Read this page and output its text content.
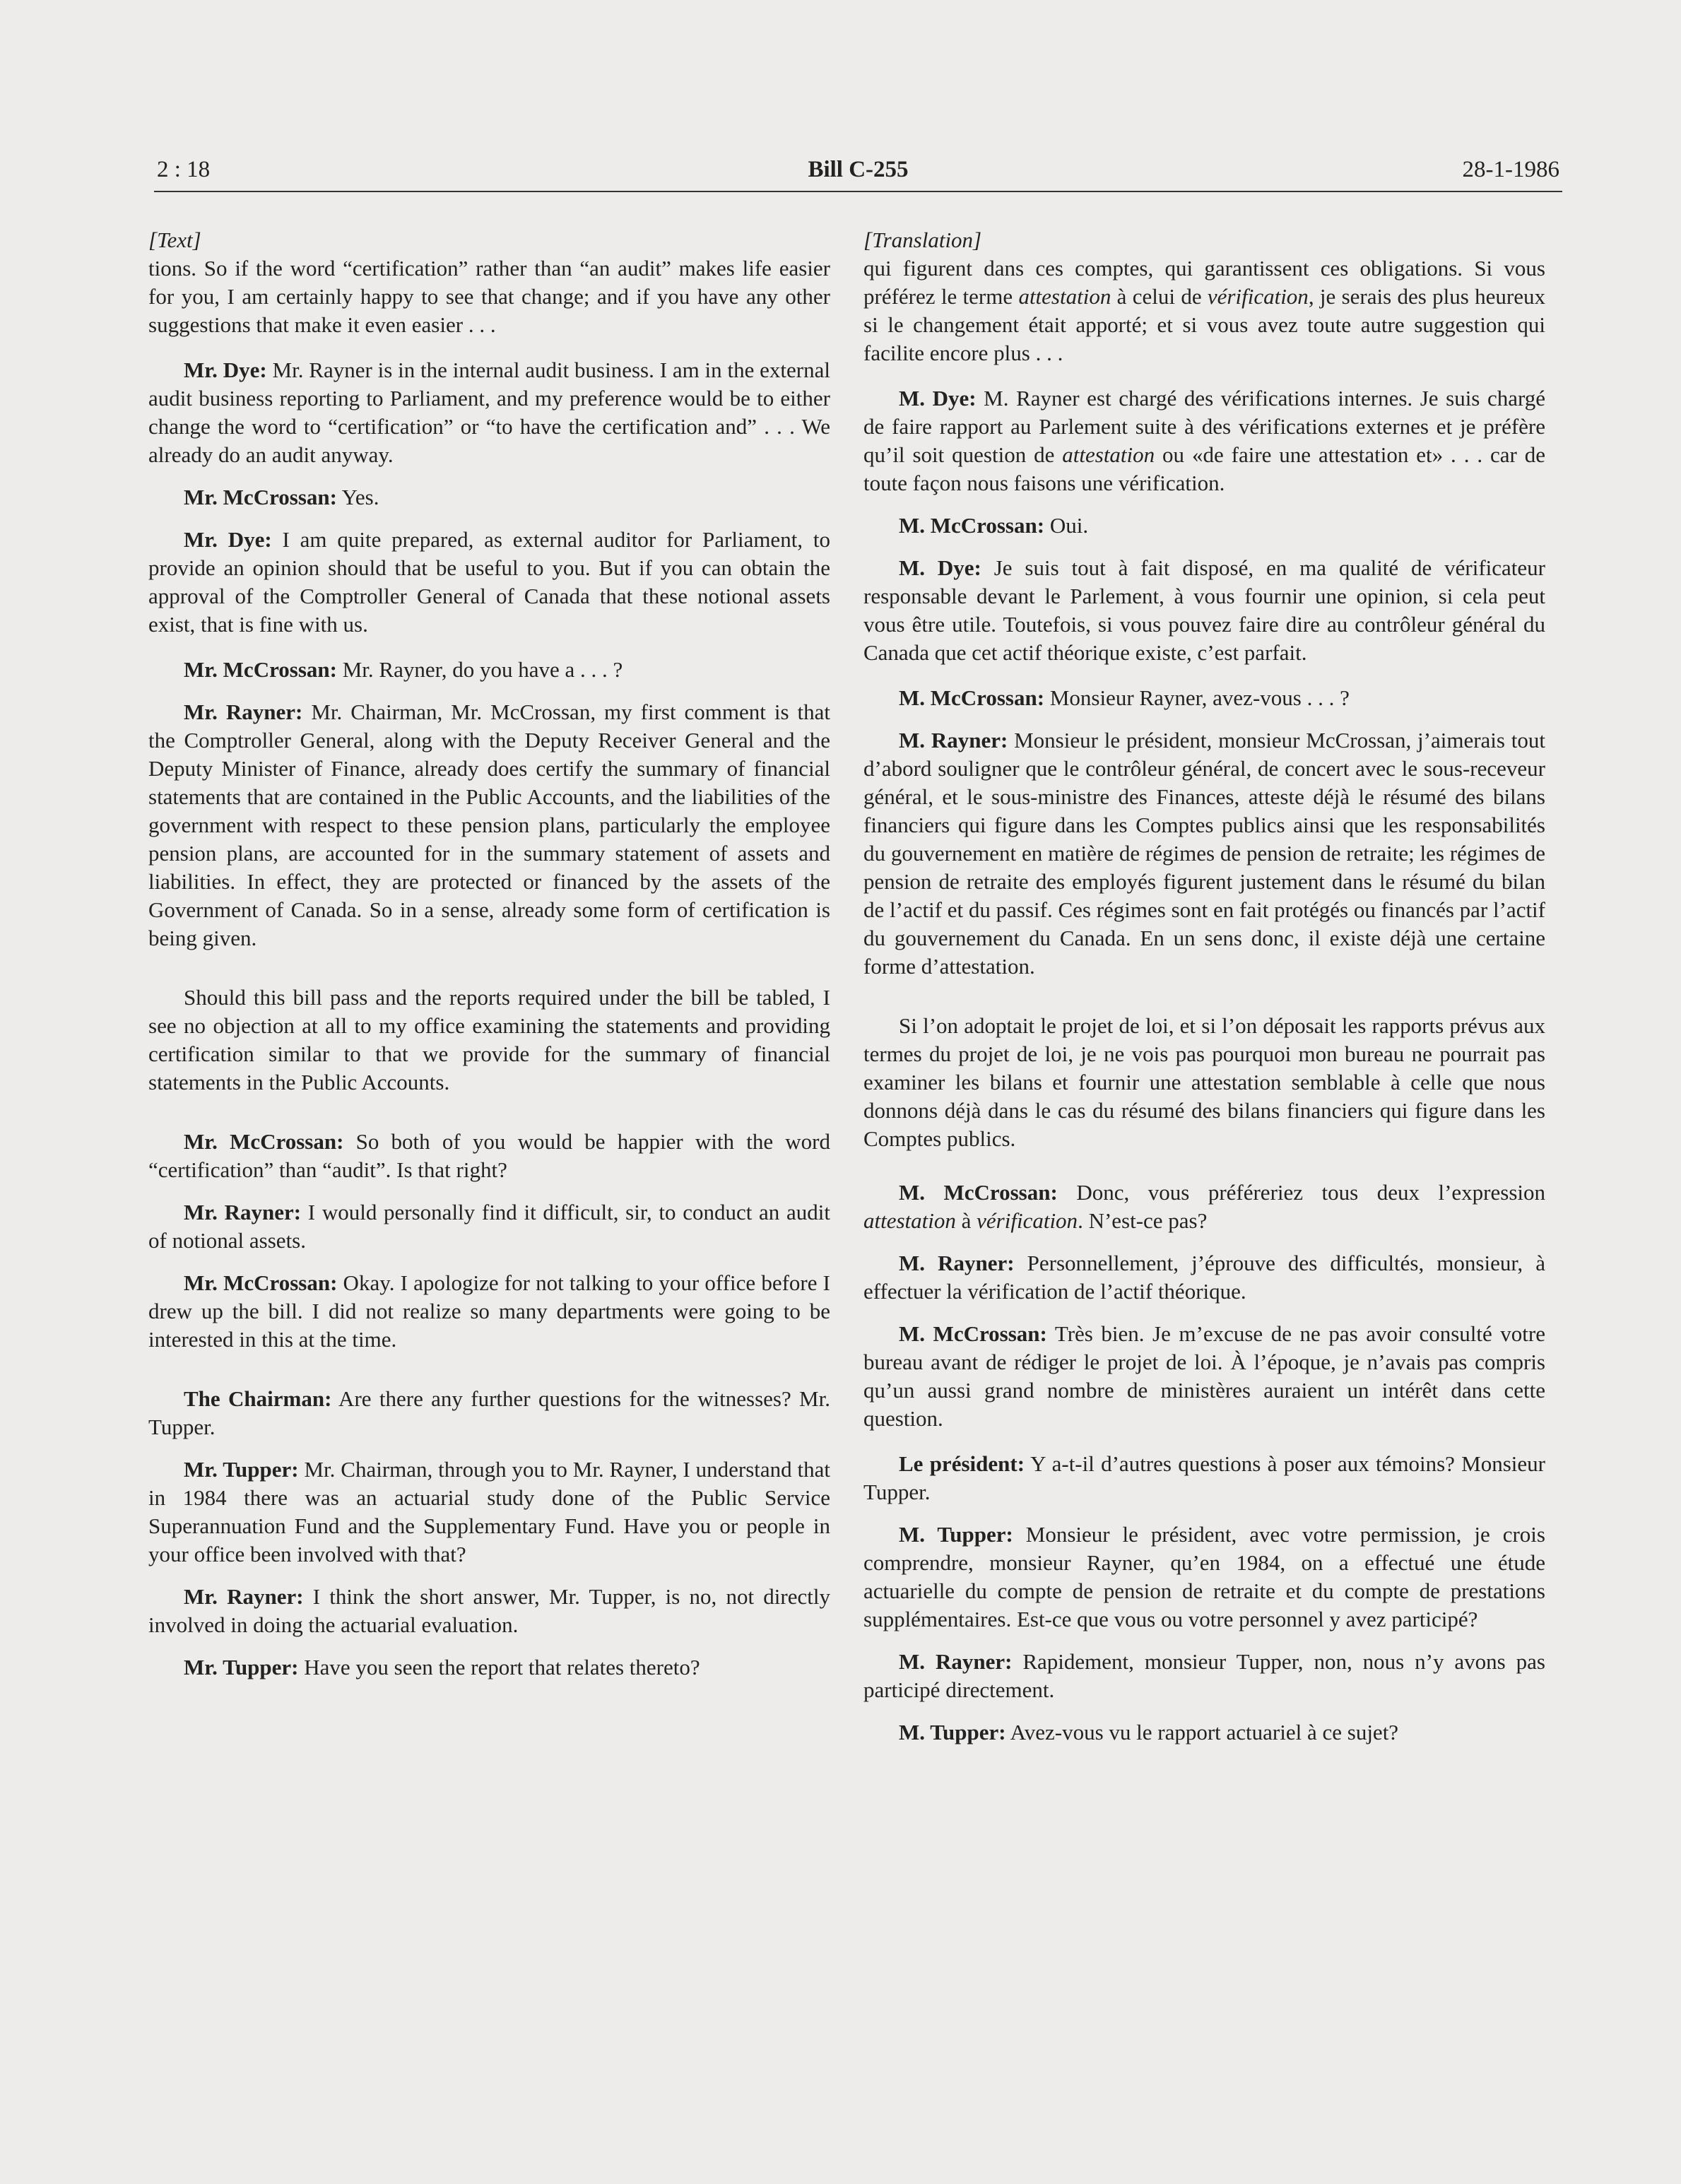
2 : 18	Bill C-255	28-1-1986
[Text]

tions. So if the word “certification” rather than “an audit” makes life easier for you, I am certainly happy to see that change; and if you have any other suggestions that make it even easier . . .

Mr. Dye: Mr. Rayner is in the internal audit business. I am in the external audit business reporting to Parliament, and my preference would be to either change the word to “certification” or “to have the certification and” . . . We already do an audit anyway.

Mr. McCrossan: Yes.

Mr. Dye: I am quite prepared, as external auditor for Parliament, to provide an opinion should that be useful to you. But if you can obtain the approval of the Comptroller General of Canada that these notional assets exist, that is fine with us.

Mr. McCrossan: Mr. Rayner, do you have a . . . ?

Mr. Rayner: Mr. Chairman, Mr. McCrossan, my first comment is that the Comptroller General, along with the Deputy Receiver General and the Deputy Minister of Finance, already does certify the summary of financial statements that are contained in the Public Accounts, and the liabilities of the government with respect to these pension plans, particularly the employee pension plans, are accounted for in the summary statement of assets and liabilities. In effect, they are protected or financed by the assets of the Government of Canada. So in a sense, already some form of certification is being given.

Should this bill pass and the reports required under the bill be tabled, I see no objection at all to my office examining the statements and providing certification similar to that we provide for the summary of financial statements in the Public Accounts.

Mr. McCrossan: So both of you would be happier with the word “certification” than “audit”. Is that right?

Mr. Rayner: I would personally find it difficult, sir, to conduct an audit of notional assets.

Mr. McCrossan: Okay. I apologize for not talking to your office before I drew up the bill. I did not realize so many departments were going to be interested in this at the time.

The Chairman: Are there any further questions for the witnesses? Mr. Tupper.

Mr. Tupper: Mr. Chairman, through you to Mr. Rayner, I understand that in 1984 there was an actuarial study done of the Public Service Superannuation Fund and the Supplementary Fund. Have you or people in your office been involved with that?

Mr. Rayner: I think the short answer, Mr. Tupper, is no, not directly involved in doing the actuarial evaluation.

Mr. Tupper: Have you seen the report that relates thereto?

[Translation]

qui figurent dans ces comptes, qui garantissent ces obligations. Si vous préférez le terme attestation à celui de vérification, je serais des plus heureux si le changement était apporté; et si vous avez toute autre suggestion qui facilite encore plus . . .

M. Dye: M. Rayner est chargé des vérifications internes. Je suis chargé de faire rapport au Parlement suite à des vérifications externes et je préfère qu’il soit question de attestation ou «de faire une attestation et» . . . car de toute façon nous faisons une vérification.

M. McCrossan: Oui.

M. Dye: Je suis tout à fait disposé, en ma qualité de vérificateur responsable devant le Parlement, à vous fournir une opinion, si cela peut vous être utile. Toutefois, si vous pouvez faire dire au contrôleur général du Canada que cet actif théorique existe, c’est parfait.

M. McCrossan: Monsieur Rayner, avez-vous . . . ?

M. Rayner: Monsieur le président, monsieur McCrossan, j’aimerais tout d’abord souligner que le contrôleur général, de concert avec le sous-receveur général, et le sous-ministre des Finances, atteste déjà le résumé des bilans financiers qui figure dans les Comptes publics ainsi que les responsabilités du gouvernement en matière de régimes de pension de retraite; les régimes de pension de retraite des employés figurent justement dans le résumé du bilan de l’actif et du passif. Ces régimes sont en fait protégés ou financés par l’actif du gouvernement du Canada. En un sens donc, il existe déjà une certaine forme d’attestation.

Si l’on adoptait le projet de loi, et si l’on déposait les rapports prévus aux termes du projet de loi, je ne vois pas pourquoi mon bureau ne pourrait pas examiner les bilans et fournir une attestation semblable à celle que nous donnons déjà dans le cas du résumé des bilans financiers qui figure dans les Comptes publics.

M. McCrossan: Donc, vous préféreriez tous deux l’expression attestation à vérification. N’est-ce pas?

M. Rayner: Personnellement, j’éprouve des difficultés, monsieur, à effectuer la vérification de l’actif théorique.

M. McCrossan: Très bien. Je m’excuse de ne pas avoir consulté votre bureau avant de rédiger le projet de loi. À l’époque, je n’avais pas compris qu’un aussi grand nombre de ministères auraient un intérêt dans cette question.

Le président: Y a-t-il d’autres questions à poser aux témoins? Monsieur Tupper.

M. Tupper: Monsieur le président, avec votre permission, je crois comprendre, monsieur Rayner, qu’en 1984, on a effectué une étude actuarielle du compte de pension de retraite et du compte de prestations supplémentaires. Est-ce que vous ou votre personnel y avez participé?

M. Rayner: Rapidement, monsieur Tupper, non, nous n’y avons pas participé directement.

M. Tupper: Avez-vous vu le rapport actuariel à ce sujet?
